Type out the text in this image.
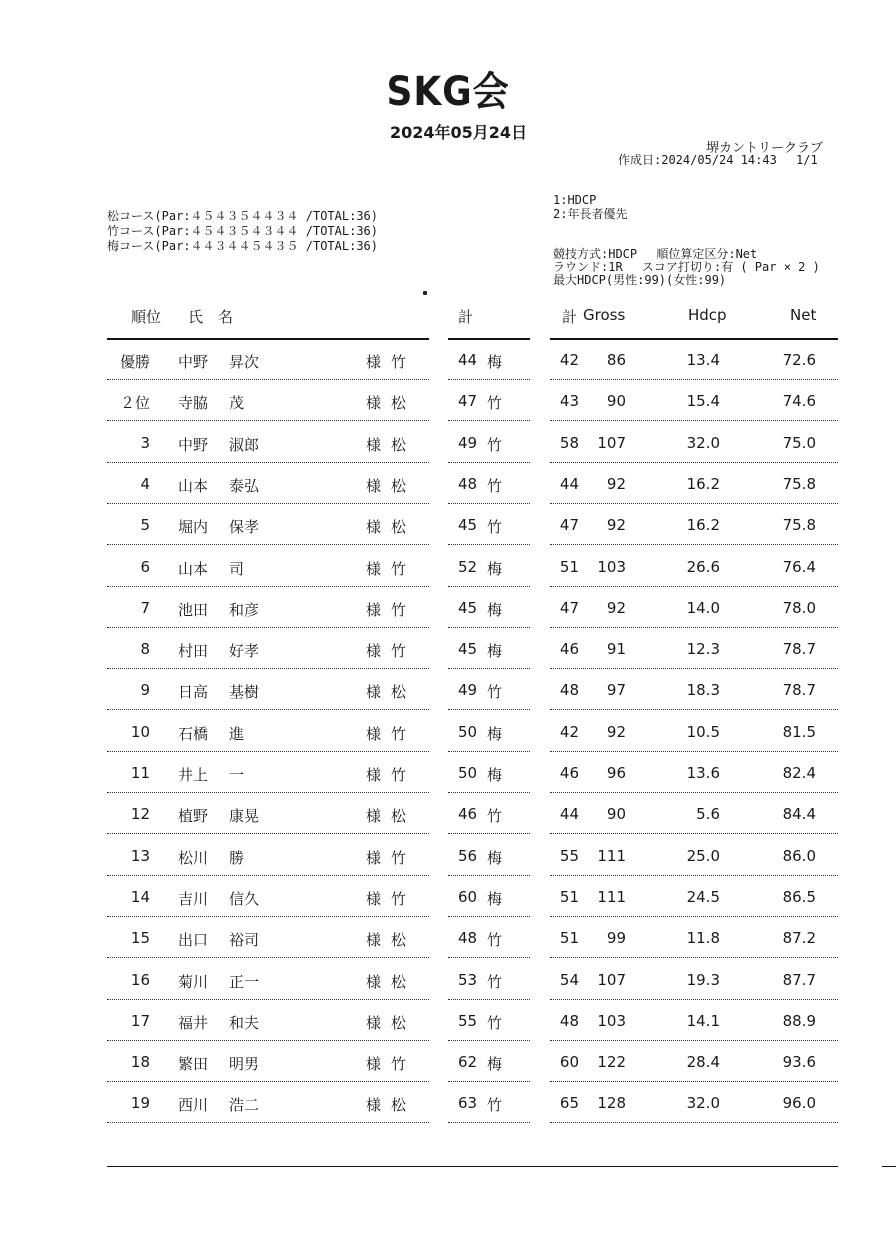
SKG会
2024年05月24日
堺カントリークラブ
作成日:2024/05/24 14:43　 1/1
松コース(Par:４５４３５４４３４ /TOTAL:36)
竹コース(Par:４５４３５４３４４ /TOTAL:36)
梅コース(Par:４４３４４５４３５ /TOTAL:36)
1:HDCP
2:年長者優先
競技方式:HDCP　 順位算定区分:Net
ラウンド:1R　 スコア打切り:有 ( Par × 2 )
最大HDCP(男性:99)(女性:99)
順位 氏　名	計	計 Gross	Hdcp	Net
優勝 中野 昇次	様 竹	44 梅	42	86	13.4	72.6
２位 寺脇 茂	様 松	47 竹	43	90	15.4	74.6
3 中野 淑郎	様 松	49 竹	58	107	32.0	75.0
4 山本 泰弘	様 松	48 竹	44	92	16.2	75.8
5 堀内 保孝	様 松	45 竹	47	92	16.2	75.8
6 山本 司	様 竹	52 梅	51	103	26.6	76.4
7 池田 和彦	様 竹	45 梅	47	92	14.0	78.0
8 村田 好孝	様 竹	45 梅	46	91	12.3	78.7
9 日高 基樹	様 松	49 竹	48	97	18.3	78.7
10 石橋 進	様 竹	50 梅	42	92	10.5	81.5
11 井上 一	様 竹	50 梅	46	96	13.6	82.4
12 植野 康晃	様 松	46 竹	44	90	5.6	84.4
13 松川 勝	様 竹	56 梅	55	111	25.0	86.0
14 吉川 信久	様 竹	60 梅	51	111	24.5	86.5
15 出口 裕司	様 松	48 竹	51	99	11.8	87.2
16 菊川 正一	様 松	53 竹	54	107	19.3	87.7
17 福井 和夫	様 松	55 竹	48	103	14.1	88.9
18 繁田 明男	様 竹	62 梅	60	122	28.4	93.6
19 西川 浩二	様 松	63 竹	65	128	32.0	96.0
